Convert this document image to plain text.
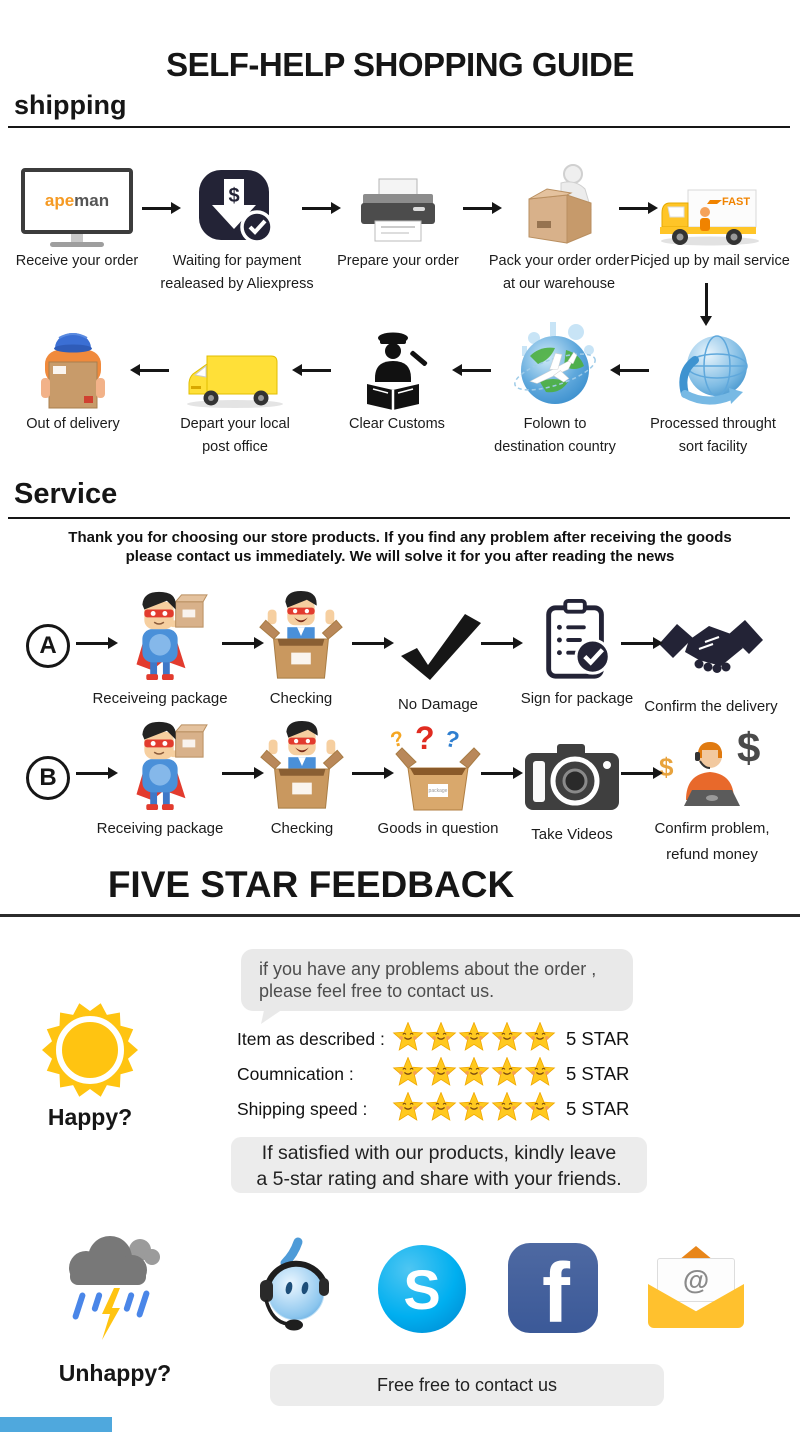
SELF-HELP SHOPPING GUIDE
shipping
ape man
Receive your order
$
Waiting for payment
realeased by Aliexpress
Prepare your order	Pack your order order
at our warehouse
FAST
Picjed up by mail service
Out of delivery	Depart your local
post office
Clear Customs	Folown to
destination country
Processed throught
sort facility
Service
Thank you for choosing our store products. If you find any problem after receiving the goods
please contact us immediately. We will solve it for you after reading the news
A
Receiveing package	Checking	No Damage	Sign for package Confirm the delivery
B
Receiving package	Checking
? ? ?
package
Goods in question	Take Videos
$ $
Confirm problem,
refund money
FIVE STAR FEEDBACK
if you have any problems about the order ,
please feel free to contact us.
Happy?
Item as described :	5 STAR
Coumnication :	5 STAR
Shipping speed :	5 STAR
If satisfied with our products, kindly leave
a 5-star rating and share with your friends.
Unhappy?
S f	@
Free free to contact us
